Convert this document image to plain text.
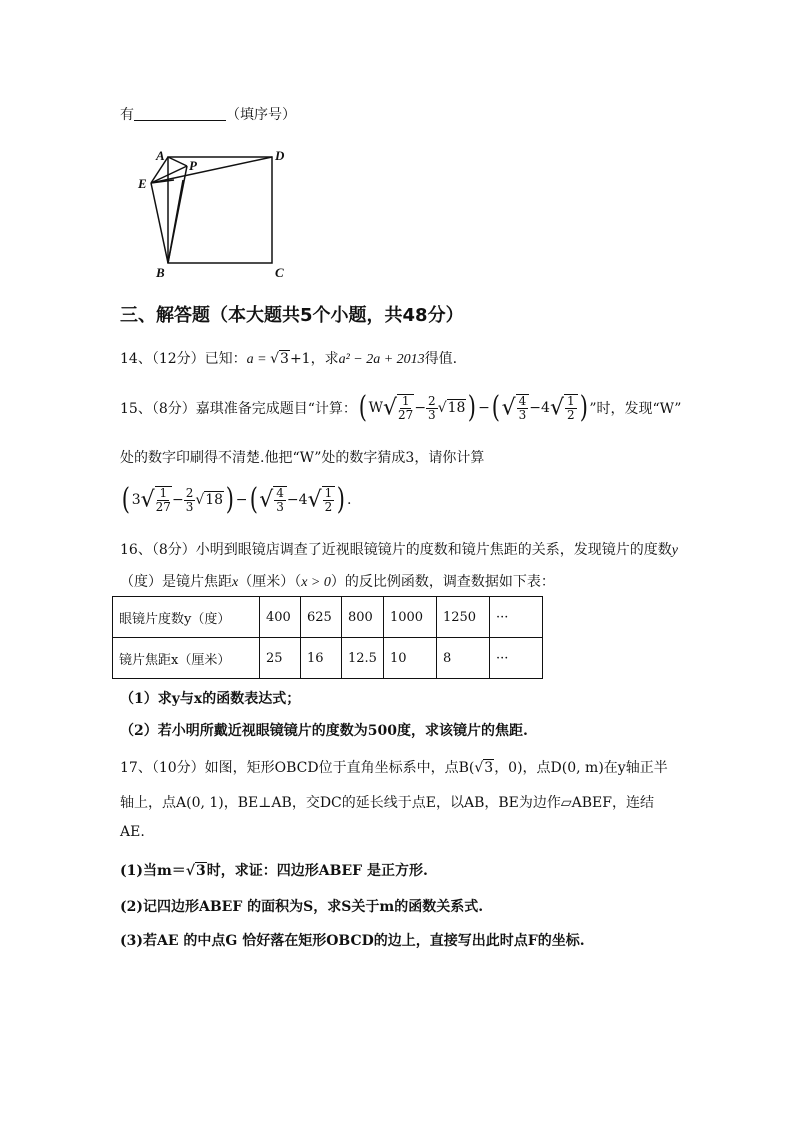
有	（填序号）
A
P
D
E
B	C
三、解答题（本大题共5个小题，共48分）
14、（12分）已知：a = √3+1，求a² − 2a + 2013得值.
15、（8分）嘉琪准备完成题目“计算： ( W √ $\frac{1}{27} - \frac{2}{3} √18$ ) − ( √ $\frac{4}{3} - 4$ √ $\frac{1}{2}$ ) ”时，发现“W”
处的数字印刷得不清楚.他把“W”处的数字猜成3，请你计算
( 3 √ $\frac{1}{27} - \frac{2}{3} √18$ ) − ( √ $\frac{4}{3} - 4$ √ $\frac{1}{2}$ ) .
16、（8分）小明到眼镜店调查了近视眼镜镜片的度数和镜片焦距的关系，发现镜片的度数y
（度）是镜片焦距x（厘米）（x > 0）的反比例函数，调查数据如下表：
眼镜片度数y（度）	400	625	800	1000	1250	···
镜片焦距x（厘米）	25	16	12.5	10	8	···
（1）求y与x的函数表达式；
（2）若小明所戴近视眼镜镜片的度数为500度，求该镜片的焦距.
17、（10分）如图，矩形OBCD位于直角坐标系中，点B(√3，0)，点D(0, m)在y轴正半
轴上，点A(0, 1)，BE⊥AB，交DC的延长线于点E，以AB，BE为边作▱ABEF，连结
AE.
(1)当m＝√3时，求证：四边形ABEF 是正方形.
(2)记四边形ABEF 的面积为S，求S关于m的函数关系式.
(3)若AE 的中点G 恰好落在矩形OBCD的边上，直接写出此时点F的坐标.
